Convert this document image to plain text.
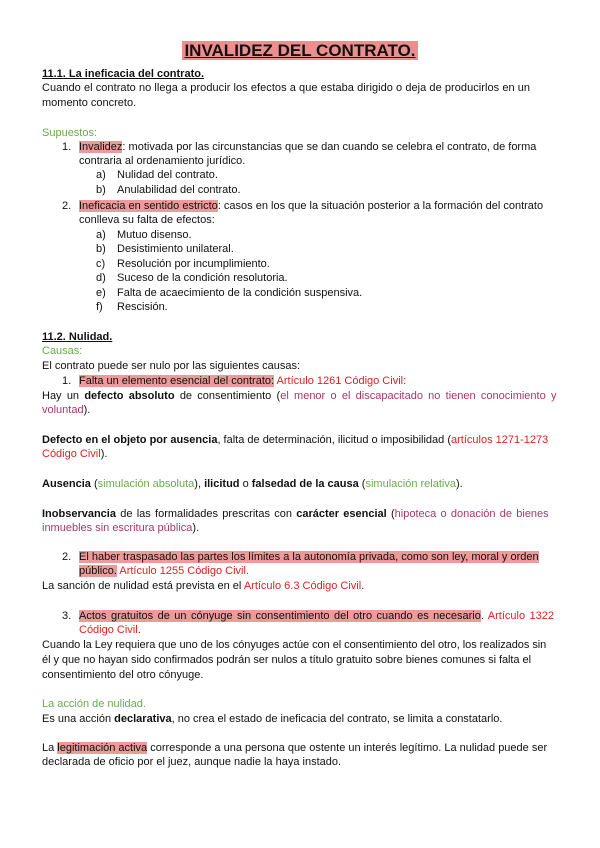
INVALIDEZ DEL CONTRATO.
11.1. La ineficacia del contrato.
Cuando el contrato no llega a producir los efectos a que estaba dirigido o deja de producirlos en un
momento concreto.
Supuestos:
1. Invalidez: motivada por las circunstancias que se dan cuando se celebra el contrato, de forma
contraria al ordenamiento jurídico.
a) Nulidad del contrato.
b) Anulabilidad del contrato.
2. Ineficacia en sentido estricto: casos en los que la situación posterior a la formación del contrato
conlleva su falta de efectos:
a) Mutuo disenso.
b) Desistimiento unilateral.
c) Resolución por incumplimiento.
d) Suceso de la condición resolutoria.
e) Falta de acaecimiento de la condición suspensiva.
f) Rescisión.
11.2. Nulidad.
Causas:
El contrato puede ser nulo por las siguientes causas:
1. Falta un elemento esencial del contrato: Artículo 1261 Código Civil:
Hay un defecto absoluto de consentimiento (el menor o el discapacitado no tienen conocimiento y
voluntad).
Defecto en el objeto por ausencia, falta de determinación, ilicitud o imposibilidad (artículos 1271-1273
Código Civil).
Ausencia (simulación absoluta), ilicitud o falsedad de la causa (simulación relativa).
Inobservancia de las formalidades prescritas con carácter esencial (hipoteca o donación de bienes
inmuebles sin escritura pública).
2. El haber traspasado las partes los límites a la autonomía privada, como son ley, moral y orden
público. Artículo 1255 Código Civil.
La sanción de nulidad está prevista en el Artículo 6.3 Código Civil.
3. Actos gratuitos de un cónyuge sin consentimiento del otro cuando es necesario. Artículo 1322
Código Civil.
Cuando la Ley requiera que uno de los cónyuges actúe con el consentimiento del otro, los realizados sin
él y que no hayan sido confirmados podrán ser nulos a título gratuito sobre bienes comunes si falta el
consentimiento del otro cónyuge.
La acción de nulidad.
Es una acción declarativa, no crea el estado de ineficacia del contrato, se limita a constatarlo.
La legitimación activa corresponde a una persona que ostente un interés legítimo. La nulidad puede ser
declarada de oficio por el juez, aunque nadie la haya instado.
